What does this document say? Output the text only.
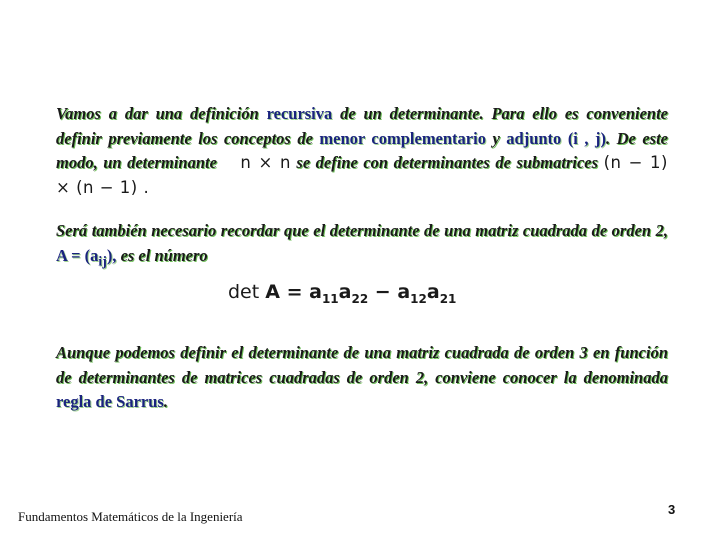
Vamos a dar una definición recursiva de un determinante. Para ello es conveniente definir previamente los conceptos de menor complementario y adjunto (i , j). De este modo, un determinante n × n se define con determinantes de submatrices (n − 1) × (n − 1) .

Será también necesario recordar que el determinante de una matriz cuadrada de orden 2, $A = (a_{ij})$, es el número

$\det A = a_{11}a_{22} - a_{12}a_{21}$

Aunque podemos definir el determinante de una matriz cuadrada de orden 3 en función de determinantes de matrices cuadradas de orden 2, conviene conocer la denominada regla de Sarrus.

Fundamentos Matemáticos de la Ingeniería	3
